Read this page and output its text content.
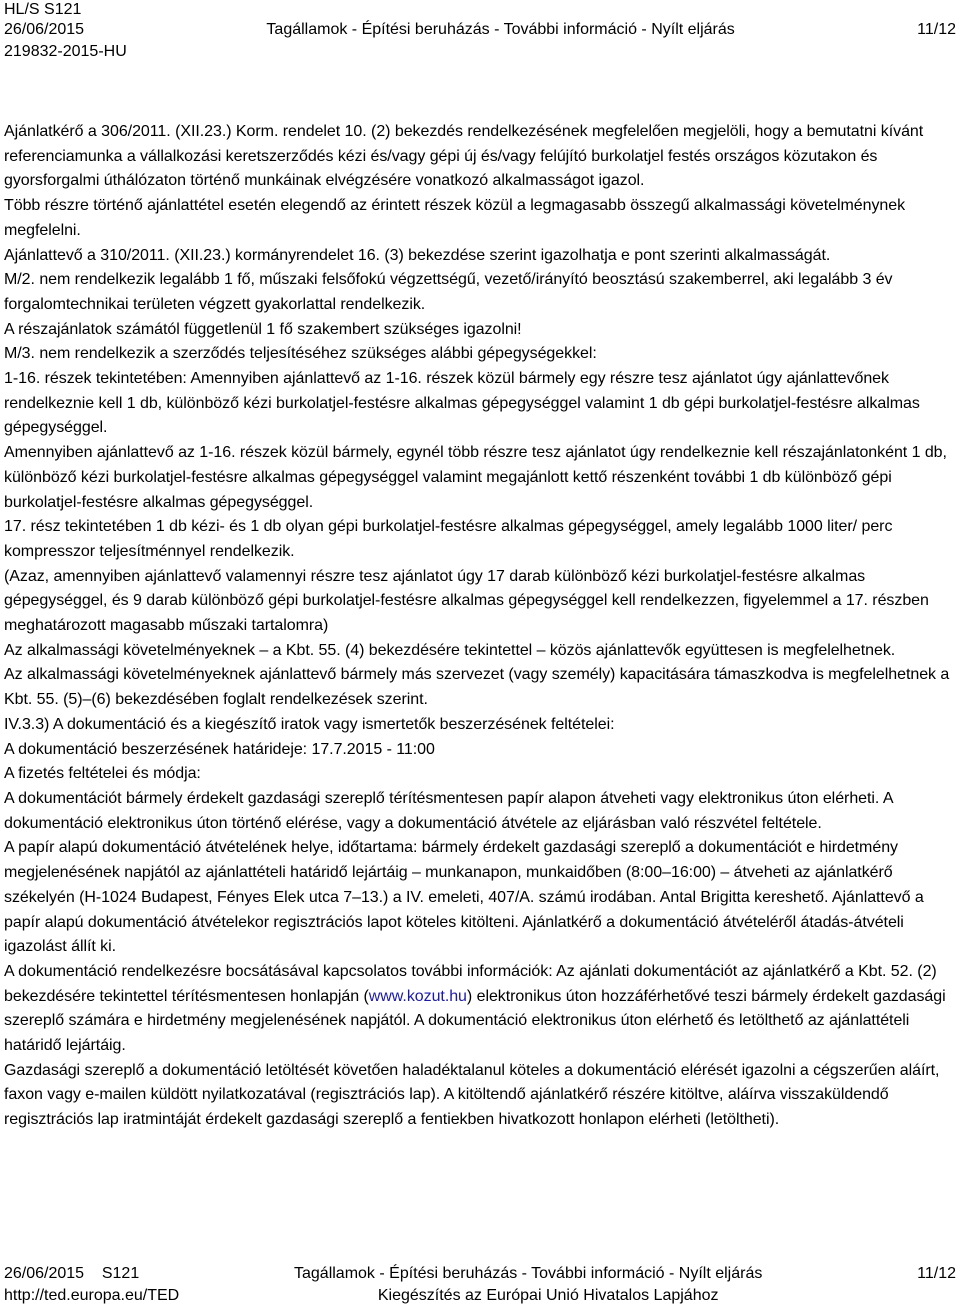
HL/S S121
26/06/2015	Tagállamok - Építési beruházás - További információ - Nyílt eljárás	11/12
219832-2015-HU

Ajánlatkérő a 306/2011. (XII.23.) Korm. rendelet 10. (2) bekezdés rendelkezésének megfelelően megjelöli, hogy a bemutatni kívánt referenciamunka a vállalkozási keretszerződés kézi és/vagy gépi új és/vagy felújító burkolatjel festés országos közutakon és gyorsforgalmi úthálózaton történő munkáinak elvégzésére vonatkozó alkalmasságot igazol.

Több részre történő ajánlattétel esetén elegendő az érintett részek közül a legmagasabb összegű alkalmassági követelménynek megfelelni.

Ajánlattevő a 310/2011. (XII.23.) kormányrendelet 16. (3) bekezdése szerint igazolhatja e pont szerinti alkalmasságát.

M/2. nem rendelkezik legalább 1 fő, műszaki felsőfokú végzettségű, vezető/irányító beosztású szakemberrel, aki legalább 3 év forgalomtechnikai területen végzett gyakorlattal rendelkezik.

A részajánlatok számától függetlenül 1 fő szakembert szükséges igazolni!

M/3. nem rendelkezik a szerződés teljesítéséhez szükséges alábbi gépegységekkel:

1-16. részek tekintetében: Amennyiben ajánlattevő az 1-16. részek közül bármely egy részre tesz ajánlatot úgy ajánlattevőnek rendelkeznie kell 1 db, különböző kézi burkolatjel-festésre alkalmas gépegységgel valamint 1 db gépi burkolatjel-festésre alkalmas gépegységgel.

Amennyiben ajánlattevő az 1-16. részek közül bármely, egynél több részre tesz ajánlatot úgy rendelkeznie kell részajánlatonként 1 db, különböző kézi burkolatjel-festésre alkalmas gépegységgel valamint megajánlott kettő részenként további 1 db különböző gépi burkolatjel-festésre alkalmas gépegységgel.

17. rész tekintetében 1 db kézi- és 1 db olyan gépi burkolatjel-festésre alkalmas gépegységgel, amely legalább 1000 liter/ perc kompresszor teljesítménnyel rendelkezik.

(Azaz, amennyiben ajánlattevő valamennyi részre tesz ajánlatot úgy 17 darab különböző kézi burkolatjel-festésre alkalmas gépegységgel, és 9 darab különböző gépi burkolatjel-festésre alkalmas gépegységgel kell rendelkezzen, figyelemmel a 17. részben meghatározott magasabb műszaki tartalomra)

Az alkalmassági követelményeknek – a Kbt. 55. (4) bekezdésére tekintettel – közös ajánlattevők együttesen is megfelelhetnek.

Az alkalmassági követelményeknek ajánlattevő bármely más szervezet (vagy személy) kapacitására támaszkodva is megfelelhetnek a Kbt. 55. (5)–(6) bekezdésében foglalt rendelkezések szerint.

IV.3.3) A dokumentáció és a kiegészítő iratok vagy ismertetők beszerzésének feltételei:

A dokumentáció beszerzésének határideje: 17.7.2015 - 11:00

A fizetés feltételei és módja:

A dokumentációt bármely érdekelt gazdasági szereplő térítésmentesen papír alapon átveheti vagy elektronikus úton elérheti. A dokumentáció elektronikus úton történő elérése, vagy a dokumentáció átvétele az eljárásban való részvétel feltétele.

A papír alapú dokumentáció átvételének helye, időtartama: bármely érdekelt gazdasági szereplő a dokumentációt e hirdetmény megjelenésének napjától az ajánlattételi határidő lejártáig – munkanapon, munkaidőben (8:00–16:00) – átveheti az ajánlatkérő székelyén (H-1024 Budapest, Fényes Elek utca 7–13.) a IV. emeleti, 407/A. számú irodában. Antal Brigitta kereshető. Ajánlattevő a papír alapú dokumentáció átvételekor regisztrációs lapot köteles kitölteni. Ajánlatkérő a dokumentáció átvételéről átadás-átvételi igazolást állít ki.

A dokumentáció rendelkezésre bocsátásával kapcsolatos további információk: Az ajánlati dokumentációt az ajánlatkérő a Kbt. 52. (2) bekezdésére tekintettel térítésmentesen honlapján (www.kozut.hu) elektronikus úton hozzáférhetővé teszi bármely érdekelt gazdasági szereplő számára e hirdetmény megjelenésének napjától. A dokumentáció elektronikus úton elérhető és letölthető az ajánlattételi határidő lejártáig.

Gazdasági szereplő a dokumentáció letöltését követően haladéktalanul köteles a dokumentáció elérését igazolni a cégszerűen aláírt, faxon vagy e-mailen küldött nyilatkozatával (regisztrációs lap). A kitöltendő ajánlatkérő részére kitöltve, aláírva visszaküldendő regisztrációs lap iratmintáját érdekelt gazdasági szereplő a fentiekben hivatkozott honlapon elérheti (letöltheti).

26/06/2015    S121	Tagállamok - Építési beruházás - További információ - Nyílt eljárás	11/12
http://ted.europa.eu/TED	Kiegészítés az Európai Unió Hivatalos Lapjához
